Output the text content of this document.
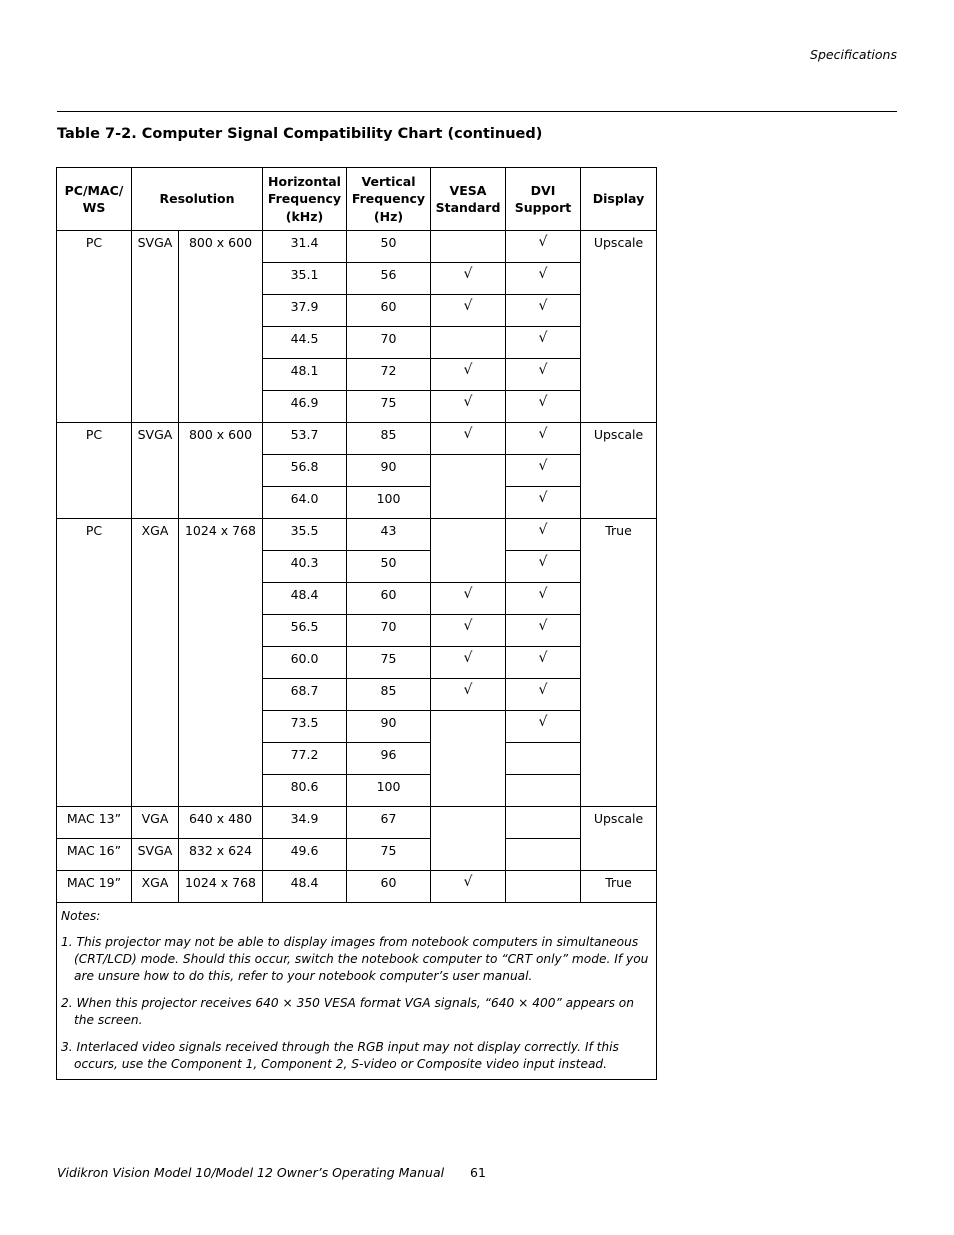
Specifications
Table 7-2. Computer Signal Compatibility Chart (continued)
PC/MAC/ WS	Resolution		Horizontal Frequency (kHz)	Vertical Frequency (Hz)	VESA Standard	DVI Support	Display
PC	SVGA	800 x 600	31.4	50		√	Upscale
			35.1	56	√	√	
			37.9	60	√	√	
			44.5	70		√	
			48.1	72	√	√	
			46.9	75	√	√	
PC	SVGA	800 x 600	53.7	85	√	√	Upscale
			56.8	90		√	
			64.0	100		√	
PC	XGA	1024 x 768	35.5	43		√	True
			40.3	50		√	
			48.4	60	√	√	
			56.5	70	√	√	
			60.0	75	√	√	
			68.7	85	√	√	
			73.5	90		√	
			77.2	96			
			80.6	100			
MAC 13”	VGA	640 x 480	34.9	67			Upscale
MAC 16”	SVGA	832 x 624	49.6	75			
MAC 19”	XGA	1024 x 768	48.4	60	√		True

Notes:
1. This projector may not be able to display images from notebook computers in simultaneous (CRT/LCD) mode. Should this occur, switch the notebook computer to “CRT only” mode. If you are unsure how to do this, refer to your notebook computer’s user manual.
2. When this projector receives 640 × 350 VESA format VGA signals, “640 × 400” appears on the screen.
3. Interlaced video signals received through the RGB input may not display correctly. If this occurs, use the Component 1, Component 2, S-video or Composite video input instead.							
Vidikron Vision Model 10/Model 12 Owner’s Operating Manual 61
